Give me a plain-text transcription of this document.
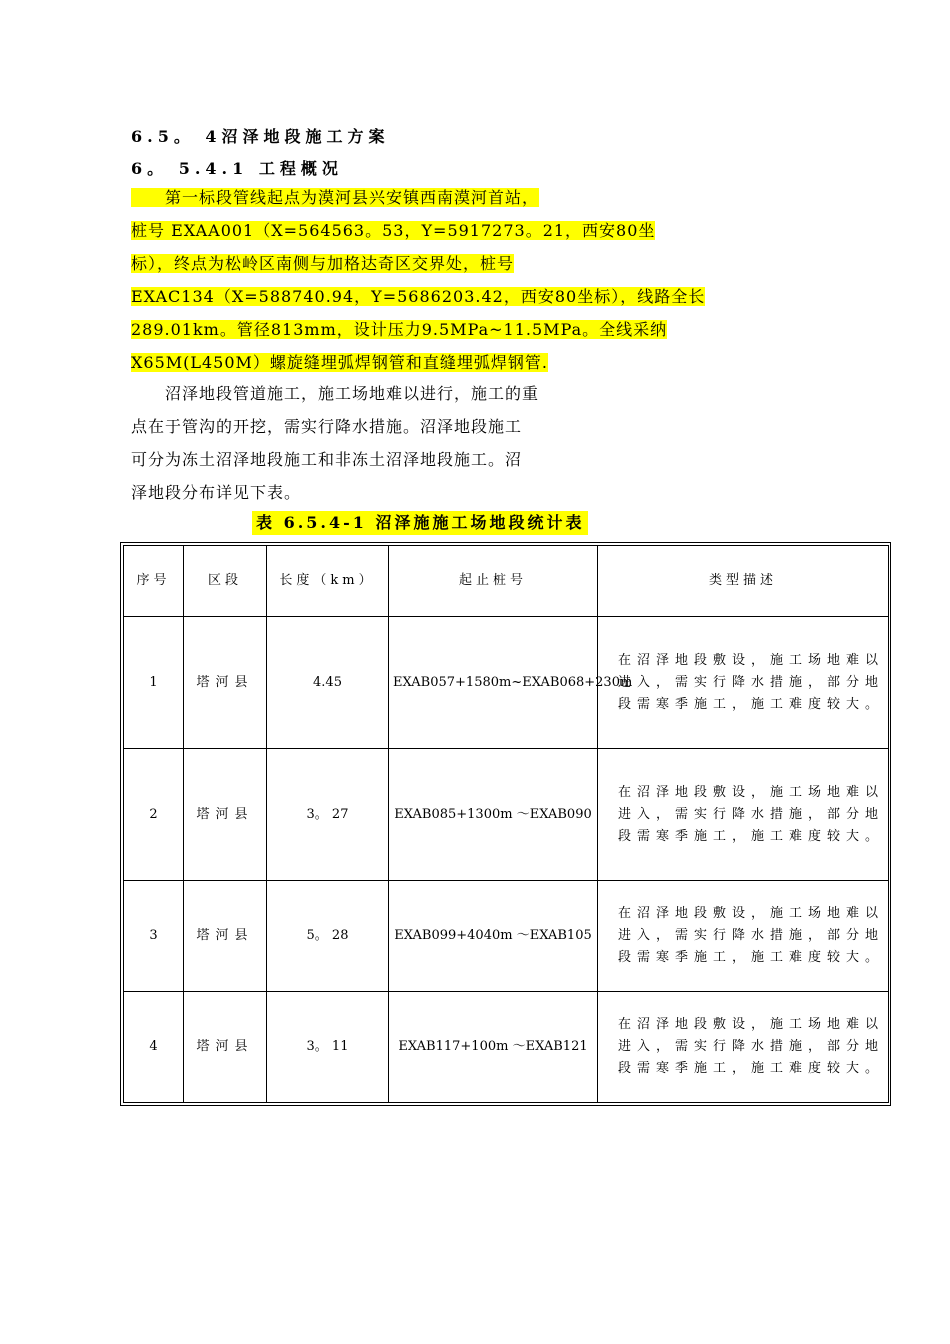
6.5。 4沼泽地段施工方案
6。 5.4.1 工程概况
　　第一标段管线起点为漠河县兴安镇西南漠河首站，
桩号 EXAA001（X=564563。53，Y=5917273。21，西安80坐
标），终点为松岭区南侧与加格达奇区交界处，桩号
EXAC134（X=588740.94，Y=5686203.42，西安80坐标），线路全长
289.01km。管径813mm，设计压力9.5MPa~11.5MPa。全线采纳
X65M(L450M）螺旋缝埋弧焊钢管和直缝埋弧焊钢管.
　　沼泽地段管道施工，施工场地难以进行，施工的重
点在于管沟的开挖，需实行降水措施。沼泽地段施工
可分为冻土沼泽地段施工和非冻土沼泽地段施工。沼
泽地段分布详见下表。
表 6.5.4-1 沼泽施施工场地段统计表
序号	区段	长度（km）	起止桩号	类型描述
1	塔河县	4.45	EXAB057+1580m~EXAB068+230m	在沼泽地段敷设，施工场地难以进入，需实行降水措施，部分地段需寒季施工，施工难度较大。
2	塔河县	3。 27	EXAB085+1300m ～EXAB090	在沼泽地段敷设，施工场地难以进入，需实行降水措施，部分地段需寒季施工，施工难度较大。
3	塔河县	5。 28	EXAB099+4040m ～EXAB105	在沼泽地段敷设，施工场地难以进入，需实行降水措施，部分地段需寒季施工，施工难度较大。
4	塔河县	3。 11	EXAB117+100m ～EXAB121	在沼泽地段敷设，施工场地难以进入，需实行降水措施，部分地段需寒季施工，施工难度较大。
